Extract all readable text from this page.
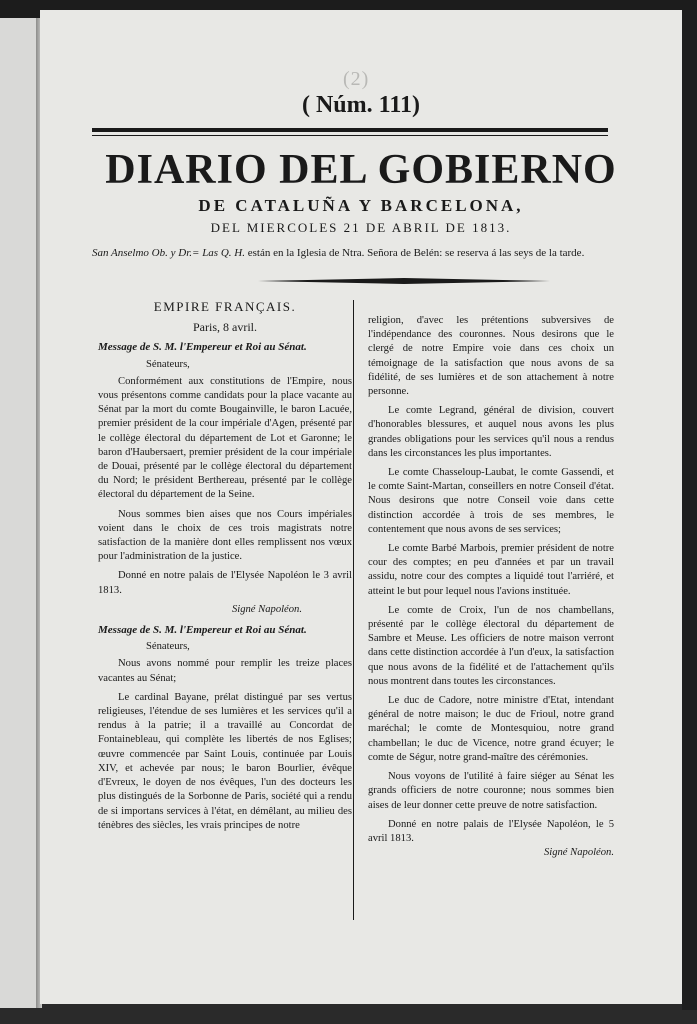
(2)
( Núm. 111)
DIARIO DEL GOBIERNO
DE CATALUÑA Y BARCELONA,
DEL MIERCOLES 21 DE ABRIL DE 1813.
San Anselmo Ob. y Dr.= Las Q. H. están en la Iglesia de Ntra. Señora de Belén: se reserva á las seys de la tarde.

EMPIRE FRANÇAIS.

Paris, 8 avril.

Message de S. M. l'Empereur et Roi au Sénat.

Sénateurs,

Conformément aux constitutions de l'Empire, nous vous présentons comme candidats pour la place vacante au Sénat par la mort du comte Bougainville, le baron Lacuée, premier président de la cour impériale d'Agen, présenté par le collège électoral du département de Lot et Garonne; le baron d'Haubersaert, premier président de la cour impériale de Douai, présenté par le collège électoral du département du Nord; le président Berthereau, présenté par le collège électoral du département de la Seine.

Nous sommes bien aises que nos Cours impériales voient dans le choix de ces trois magistrats notre satisfaction de la manière dont elles remplissent nos vœux pour l'administration de la justice.

Donné en notre palais de l'Elysée Napoléon le 3 avril 1813.

Signé Napoléon.

Message de S. M. l'Empereur et Roi au Sénat.

Sénateurs,

Nous avons nommé pour remplir les treize places vacantes au Sénat;

Le cardinal Bayane, prélat distingué par ses vertus religieuses, l'étendue de ses lumières et les services qu'il a rendus à la patrie; il a travaillé au Concordat de Fontainebleau, qui complète les libertés de nos Eglises; œuvre commencée par Saint Louis, continuée par Louis XIV, et achevée par nous; le baron Bourlier, évêque d'Evreux, le doyen de nos évêques, l'un des docteurs les plus distingués de la Sorbonne de Paris, société qui a rendu de si importans services à l'état, en démêlant, au milieu des ténèbres des siècles, les vrais principes de notre

religion, d'avec les prétentions subversives de l'indépendance des couronnes. Nous desirons que le clergé de notre Empire voie dans ces choix un témoignage de la satisfaction que nous avons de sa fidélité, de ses lumières et de son attachement à notre personne.

Le comte Legrand, général de division, couvert d'honorables blessures, et auquel nous avons les plus grandes obligations pour les services qu'il nous a rendus dans les circonstances les plus importantes.

Le comte Chasseloup-Laubat, le comte Gassendi, et le comte Saint-Martan, conseillers en notre Conseil d'état. Nous desirons que notre Conseil voie dans cette distinction accordée à trois de ses membres, le contentement que nous avons de ses services;

Le comte Barbé Marbois, premier président de notre cour des comptes; en peu d'années et par un travail assidu, notre cour des comptes a liquidé tout l'arriéré, et atteint le but pour lequel nous l'avions instituée.

Le comte de Croix, l'un de nos chambellans, présenté par le collège électoral du département de Sambre et Meuse. Les officiers de notre maison verront dans cette distinction accordée à l'un d'eux, la satisfaction que nous avons de la fidélité et de l'attachement qu'ils nous montrent dans toutes les circonstances.

Le duc de Cadore, notre ministre d'Etat, intendant général de notre maison; le duc de Frioul, notre grand maréchal; le comte de Montesquiou, notre grand chambellan; le duc de Vicence, notre grand écuyer; le comte de Ségur, notre grand-maître des cérémonies.

Nous voyons de l'utilité à faire siéger au Sénat les grands officiers de notre couronne; nous sommes bien aises de leur donner cette preuve de notre satisfaction.

Donné en notre palais de l'Elysée Napoléon, le 5 avril 1813.

Signé Napoléon.
